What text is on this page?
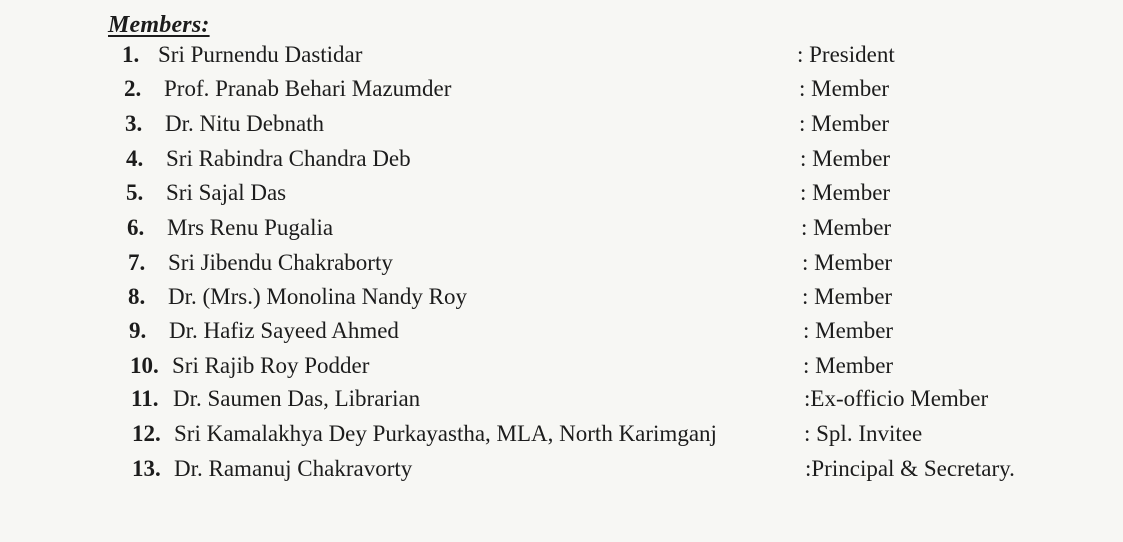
Members:
1. Sri Purnendu Dastidar	: President
2. Prof. Pranab Behari Mazumder	: Member
3. Dr. Nitu Debnath	: Member
4. Sri Rabindra Chandra Deb	: Member
5. Sri Sajal Das	: Member
6. Mrs Renu Pugalia	: Member
7. Sri Jibendu Chakraborty	: Member
8. Dr. (Mrs.) Monolina Nandy Roy	: Member
9. Dr. Hafiz Sayeed Ahmed	: Member
10. Sri Rajib Roy Podder	: Member
11. Dr. Saumen Das, Librarian	:Ex-officio Member
12. Sri Kamalakhya Dey Purkayastha, MLA, North Karimganj	: Spl. Invitee
13. Dr. Ramanuj Chakravorty	:Principal & Secretary.
